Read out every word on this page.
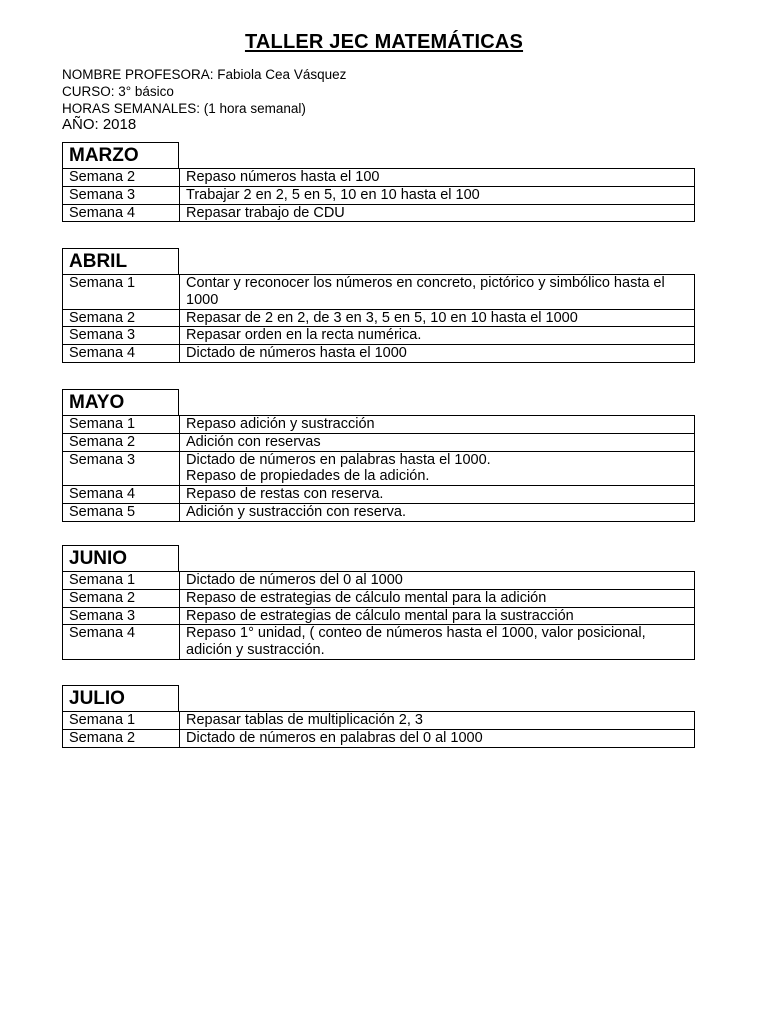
TALLER JEC MATEMÁTICAS
NOMBRE PROFESORA: Fabiola Cea Vásquez
CURSO: 3° básico
HORAS SEMANALES: (1 hora semanal)
AÑO: 2018
MARZO
Semana 2	Repaso números hasta el 100
Semana 3	Trabajar 2 en 2, 5 en 5, 10 en 10 hasta el 100
Semana 4	Repasar trabajo de CDU
ABRIL
Semana 1	Contar y reconocer los números en concreto, pictórico y simbólico hasta el 1000
Semana 2	Repasar de 2 en 2, de 3 en 3, 5 en 5, 10 en 10 hasta el 1000
Semana 3	Repasar orden en la recta numérica.
Semana 4	Dictado de números hasta el 1000
MAYO
Semana 1	Repaso adición y sustracción
Semana 2	Adición con reservas
Semana 3	Dictado de números en palabras hasta el 1000.
Repaso de propiedades de la adición.
Semana 4	Repaso de restas con reserva.
Semana 5	Adición y sustracción con reserva.
JUNIO
Semana 1	Dictado de números del 0 al 1000
Semana 2	Repaso de estrategias de cálculo mental para la adición
Semana 3	Repaso de estrategias de cálculo mental para la sustracción
Semana 4	Repaso 1° unidad, ( conteo de números hasta el 1000, valor posicional, adición y sustracción.
JULIO
Semana 1	Repasar tablas de multiplicación 2, 3
Semana 2	Dictado de números en palabras del 0 al 1000
